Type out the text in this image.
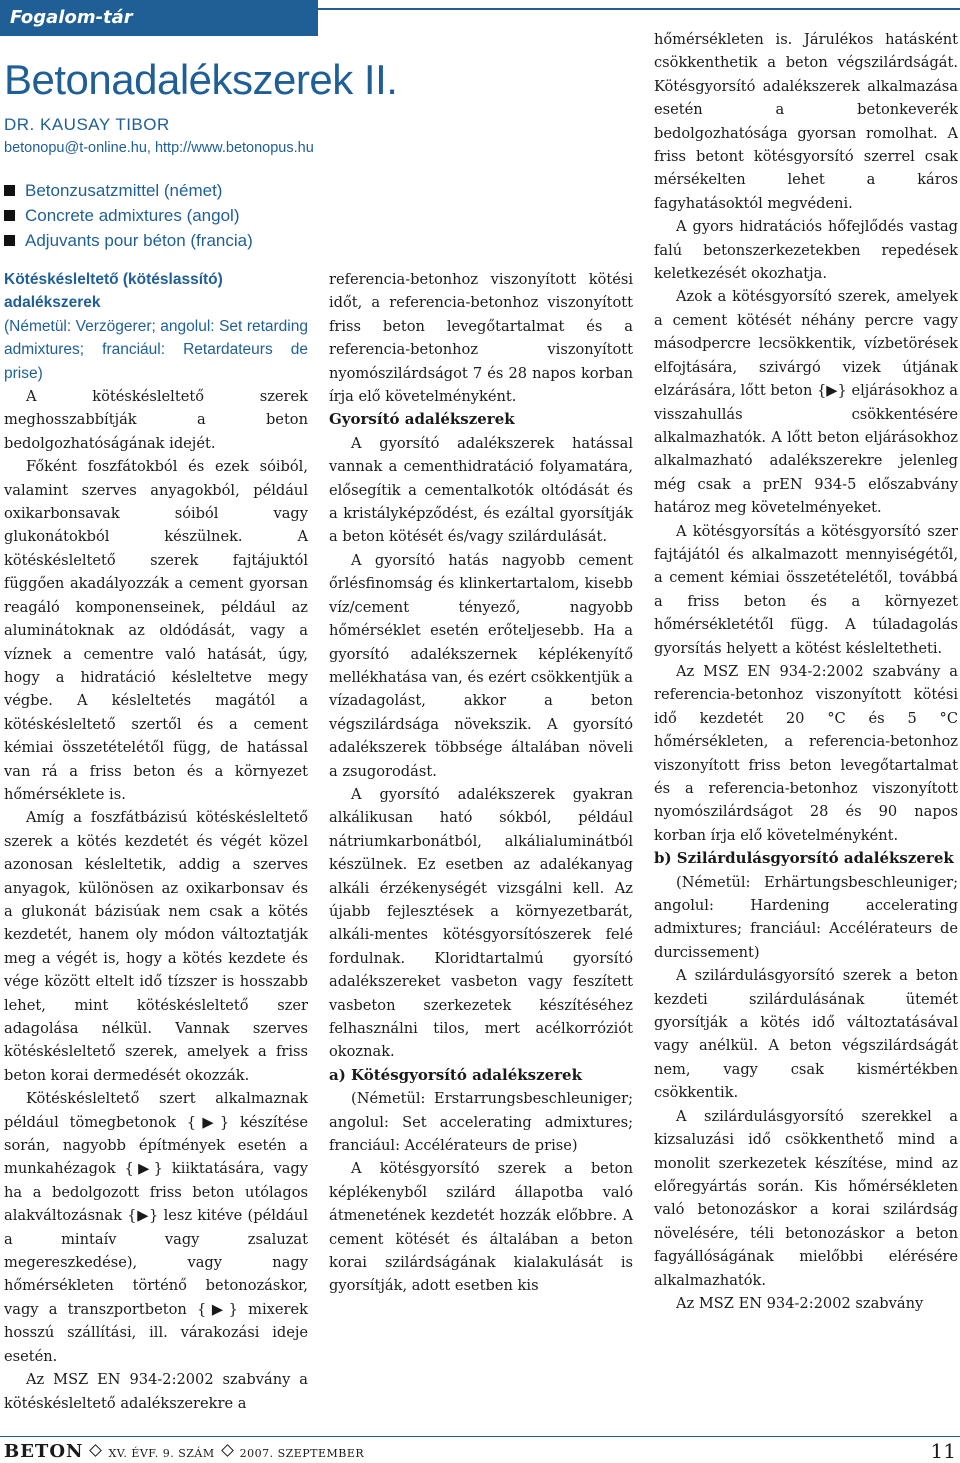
Fogalom-tár
Betonadalékszerek II.
DR. KAUSAY TIBOR
betonopu@t-online.hu, http://www.betonopus.hu
Betonzusatzmittel (német)
Concrete admixtures (angol)
Adjuvants pour béton (francia)
Kötéskésleltető (kötéslassító) adalékszerek

(Németül: Verzögerer; angolul: Set retarding admixtures; franciául: Retardateurs de prise)

A kötéskésleltető szerek meghosszabbítják a beton bedolgozhatóságának idejét.

Főként foszfátokból és ezek sóiból, valamint szerves anyagokból, például oxikarbonsavak sóiból vagy glukonátokból készülnek. A kötéskésleltető szerek fajtájuktól függően akadályozzák a cement gyorsan reagáló komponenseinek, például az aluminátoknak az oldódását, vagy a víznek a cementre való hatását, úgy, hogy a hidratáció késleltetve megy végbe. A késleltetés magától a kötéskésleltető szertől és a cement kémiai összetételétől függ, de hatással van rá a friss beton és a környezet hőmérséklete is.

Amíg a foszfátbázisú kötéskésleltető szerek a kötés kezdetét és végét közel azonosan késleltetik, addig a szerves anyagok, különösen az oxikarbonsav és a glukonát bázisúak nem csak a kötés kezdetét, hanem oly módon változtatják meg a végét is, hogy a kötés kezdete és vége között eltelt idő tízszer is hosszabb lehet, mint kötéskésleltető szer adagolása nélkül. Vannak szerves kötéskésleltető szerek, amelyek a friss beton korai dermedését okozzák.

Kötéskésleltető szert alkalmaznak például tömegbetonok {▶} készítése során, nagyobb építmények esetén a munkahézagok {▶} kiiktatására, vagy ha a bedolgozott friss beton utólagos alakváltozásnak {▶} lesz kitéve (például a mintaív vagy zsaluzat megereszkedése), vagy nagy hőmérsékleten történő betonozáskor, vagy a transzportbeton {▶} mixerek hosszú szállítási, ill. várakozási ideje esetén.

Az MSZ EN 934-2:2002 szabvány a kötéskésleltető adalékszerekre a

referencia-betonhoz viszonyított kötési időt, a referencia-betonhoz viszonyított friss beton levegőtartalmat és a referencia-betonhoz viszonyított nyomószilárdságot 7 és 28 napos korban írja elő követelményként.

Gyorsító adalékszerek

A gyorsító adalékszerek hatással vannak a cementhidratáció folyamatára, elősegítik a cementalkotók oltódását és a kristályképződést, és ezáltal gyorsítják a beton kötését és/vagy szilárdulását.

A gyorsító hatás nagyobb cement őrlésfinomság és klinkertartalom, kisebb víz/cement tényező, nagyobb hőmérséklet esetén erőteljesebb. Ha a gyorsító adalékszernek képlékenyítő mellékhatása van, és ezért csökkentjük a vízadagolást, akkor a beton végszilárdsága növekszik. A gyorsító adalékszerek többsége általában növeli a zsugorodást.

A gyorsító adalékszerek gyakran alkálikusan ható sókból, például nátriumkarbonátból, alkálialuminátból készülnek. Ez esetben az adalékanyag alkáli érzékenységét vizsgálni kell. Az újabb fejlesztések a környezetbarát, alkáli-mentes kötésgyorsítószerek felé fordulnak. Kloridtartalmú gyorsító adalékszereket vasbeton vagy feszített vasbeton szerkezetek készítéséhez felhasználni tilos, mert acélkorróziót okoznak.

a) Kötésgyorsító adalékszerek

(Németül: Erstarrungsbeschleuniger; angolul: Set accelerating admixtures; franciául: Accélérateurs de prise)

A kötésgyorsító szerek a beton képlékenyből szilárd állapotba való átmenetének kezdetét hozzák előbbre. A cement kötését és általában a beton korai szilárdságának kialakulását is gyorsítják, adott esetben kis

hőmérsékleten is. Járulékos hatásként csökkenthetik a beton végszilárdságát. Kötésgyorsító adalékszerek alkalmazása esetén a betonkeverék bedolgozhatósága gyorsan romolhat. A friss betont kötésgyorsító szerrel csak mérsékelten lehet a káros fagyhatásoktól megvédeni.

A gyors hidratációs hőfejlődés vastag falú betonszerkezetekben repedések keletkezését okozhatja.

Azok a kötésgyorsító szerek, amelyek a cement kötését néhány percre vagy másodpercre lecsökkentik, vízbetörések elfojtására, szivárgó vizek útjának elzárására, lőtt beton {▶} eljárásokhoz a visszahullás csökkentésére alkalmazhatók. A lőtt beton eljárásokhoz alkalmazható adalékszerekre jelenleg még csak a prEN 934-5 előszabvány határoz meg követelményeket.

A kötésgyorsítás a kötésgyorsító szer fajtájától és alkalmazott mennyiségétől, a cement kémiai összetételétől, továbbá a friss beton és a környezet hőmérsékletétől függ. A túladagolás gyorsítás helyett a kötést késleltetheti.

Az MSZ EN 934-2:2002 szabvány a referencia-betonhoz viszonyított kötési idő kezdetét 20 °C és 5 °C hőmérsékleten, a referencia-betonhoz viszonyított friss beton levegőtartalmat és a referencia-betonhoz viszonyított nyomószilárdságot 28 és 90 napos korban írja elő követelményként.

b) Szilárdulásgyorsító adalékszerek

(Németül: Erhärtungsbeschleuniger; angolul: Hardening accelerating admixtures; franciául: Accélérateurs de durcissement)

A szilárdulásgyorsító szerek a beton kezdeti szilárdulásának ütemét gyorsítják a kötés idő változtatásával vagy anélkül. A beton végszilárdságát nem, vagy csak kismértékben csökkentik.

A szilárdulásgyorsító szerekkel a kizsaluzási idő csökkenthető mind a monolit szerkezetek készítése, mind az előregyártás során. Kis hőmérsékleten való betonozáskor a korai szilárdság növelésére, téli betonozáskor a beton fagyállóságának mielőbbi elérésére alkalmazhatók.

Az MSZ EN 934-2:2002 szabvány

BETON XV. ÉVF. 9. SZÁM 2007. SZEPTEMBER	11
